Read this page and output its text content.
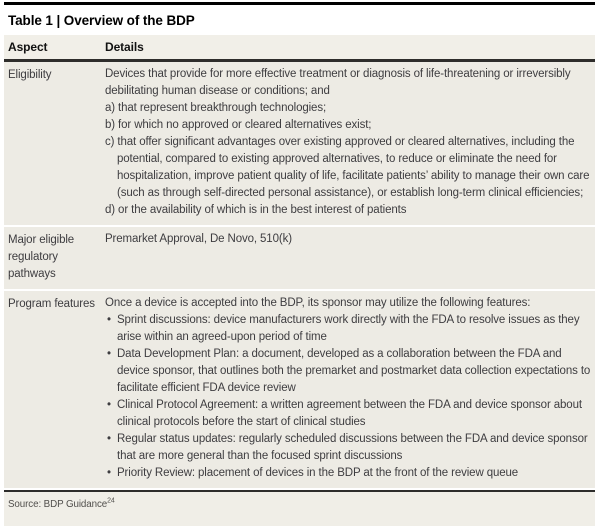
Table 1 | Overview of the BDP
Aspect	Details
Eligibility	Devices that provide for more effective treatment or diagnosis of life-threatening or irreversibly debilitating human disease or conditions; and
a) that represent breakthrough technologies;
b) for which no approved or cleared alternatives exist;
c) that offer significant advantages over existing approved or cleared alternatives, including the potential, compared to existing approved alternatives, to reduce or eliminate the need for hospitalization, improve patient quality of life, facilitate patients’ ability to manage their own care (such as through self-directed personal assistance), or establish long-term clinical efficiencies;
d) or the availability of which is in the best interest of patients
Major eligible regulatory pathways
Premarket Approval, De Novo, 510(k)
Program features Once a device is accepted into the BDP, its sponsor may utilize the following features:
• Sprint discussions: device manufacturers work directly with the FDA to resolve issues as they arise within an agreed-upon period of time
• Data Development Plan: a document, developed as a collaboration between the FDA and device sponsor, that outlines both the premarket and postmarket data collection expectations to facilitate efficient FDA device review
• Clinical Protocol Agreement: a written agreement between the FDA and device sponsor about clinical protocols before the start of clinical studies
• Regular status updates: regularly scheduled discussions between the FDA and device sponsor that are more general than the focused sprint discussions
• Priority Review: placement of devices in the BDP at the front of the review queue
Source: BDP Guidance$^{24}$
